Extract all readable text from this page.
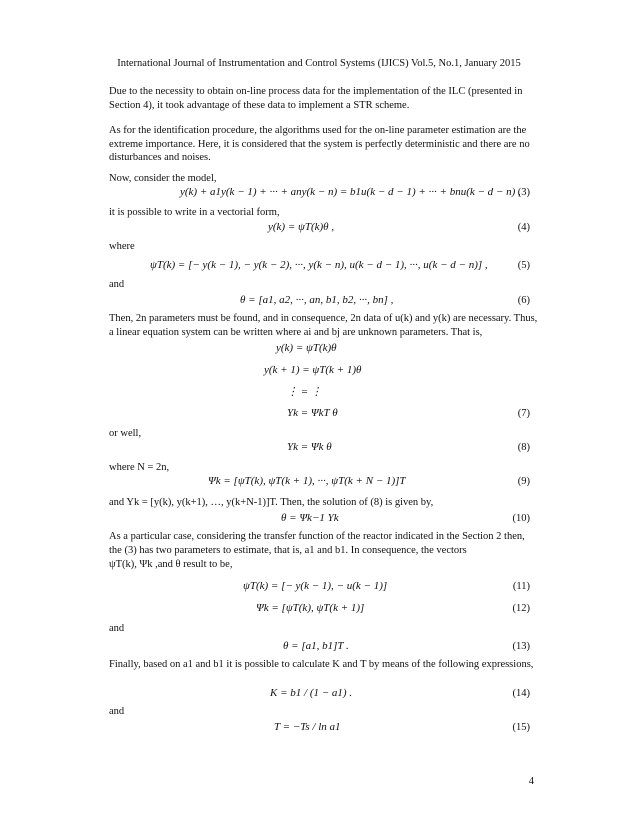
International Journal of Instrumentation and Control Systems (IJICS) Vol.5, No.1, January 2015

Due to the necessity to obtain on-line process data for the implementation of the ILC (presented in Section 4), it took advantage of these data to implement a STR scheme.

As for the identification procedure, the algorithms used for the on-line parameter estimation are the extreme importance. Here, it is considered that the system is perfectly deterministic and there are no disturbances and noises.

Now, consider the model,

y(k) + a1y(k − 1) + ··· + any(k − n) = b1u(k − d − 1) + ··· + bnu(k − d − n) ,
(3)

it is possible to write in a vectorial form,

y(k) = ψT(k)θ ,	(4)

where

ψT(k) = [− y(k − 1), − y(k − 2), ···, y(k − n), u(k − d − 1), ···, u(k − d − n)] ,	(5)

and

θ = [a1, a2, ···, an, b1, b2, ···, bn] ,	(6)

Then, 2n parameters must be found, and in consequence, 2n data of u(k) and y(k) are necessary. Thus, a linear equation system can be written where ai and bj are unknown parameters. That is,

y(k) = ψT(k)θ
y(k + 1) = ψT(k + 1)θ
⋮ = ⋮
Yk = ΨkT θ	(7)

or well,

Yk = Ψk θ	(8)

where N = 2n,

Ψk = [ψT(k), ψT(k + 1), ···, ψT(k + N − 1)]T	(9)

and Yk = [y(k), y(k+1), …, y(k+N-1)]T. Then, the solution of (8) is given by,

θ = Ψk−1 Yk	(10)

As a particular case, considering the transfer function of the reactor indicated in the Section 2 then, the (3) has two parameters to estimate, that is, a1 and b1. In consequence, the vectors

ψT(k), Ψk ,and θ result to be,

ψT(k) = [− y(k − 1), − u(k − 1)]	(11)
Ψk = [ψT(k), ψT(k + 1)]	(12)

and

θ = [a1, b1]T .	(13)

Finally, based on a1 and b1 it is possible to calculate K and T by means of the following expressions,

K = b1 / (1 − a1) .	(14)

and

T = −Ts / ln a1	(15)
4
